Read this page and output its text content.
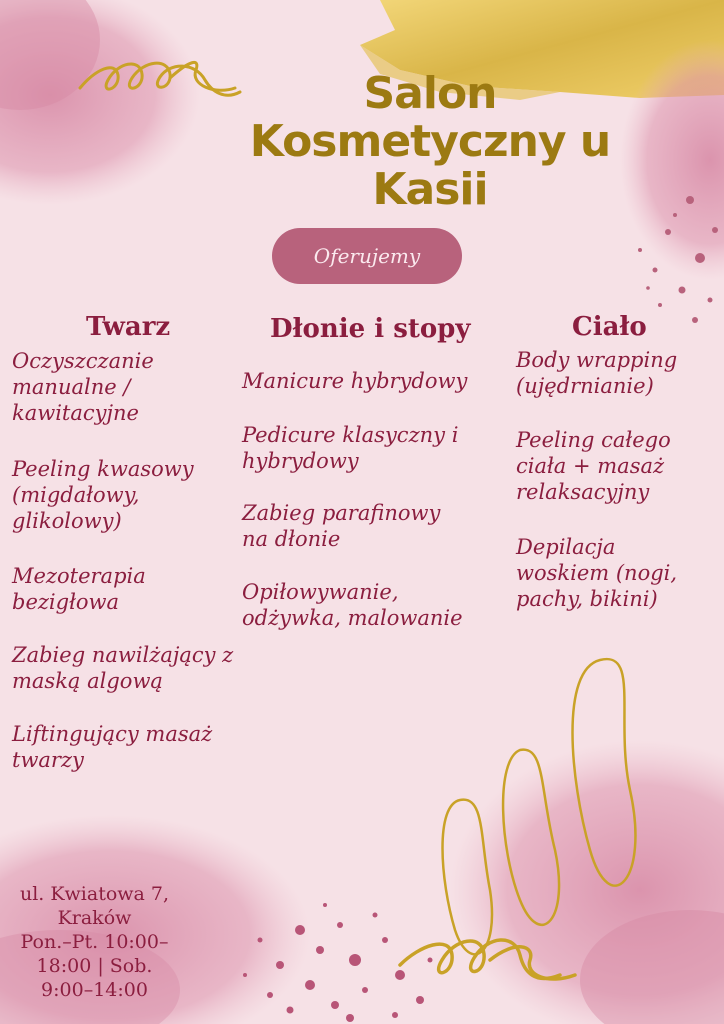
Salon
Kosmetyczny u
Kasii
Oferujemy
Twarz
Oczyszczanie
manualne /
kawitacyjne
Peeling kwasowy
(migdałowy,
glikolowy)
Mezoterapia
bezigłowa
Zabieg nawilżający z
maską algową
Liftingujący masaż
twarzy
Dłonie i stopy
Manicure hybrydowy
Pedicure klasyczny i
hybrydowy
Zabieg parafinowy
na dłonie
Opiłowywanie,
odżywka, malowanie
Ciało
Body wrapping
(ujędrnianie)
Peeling całego
ciała + masaż
relaksacyjny
Depilacja
woskiem (nogi,
pachy, bikini)
ul. Kwiatowa 7,
Kraków
Pon.–Pt. 10:00–
18:00 | Sob.
9:00–14:00
